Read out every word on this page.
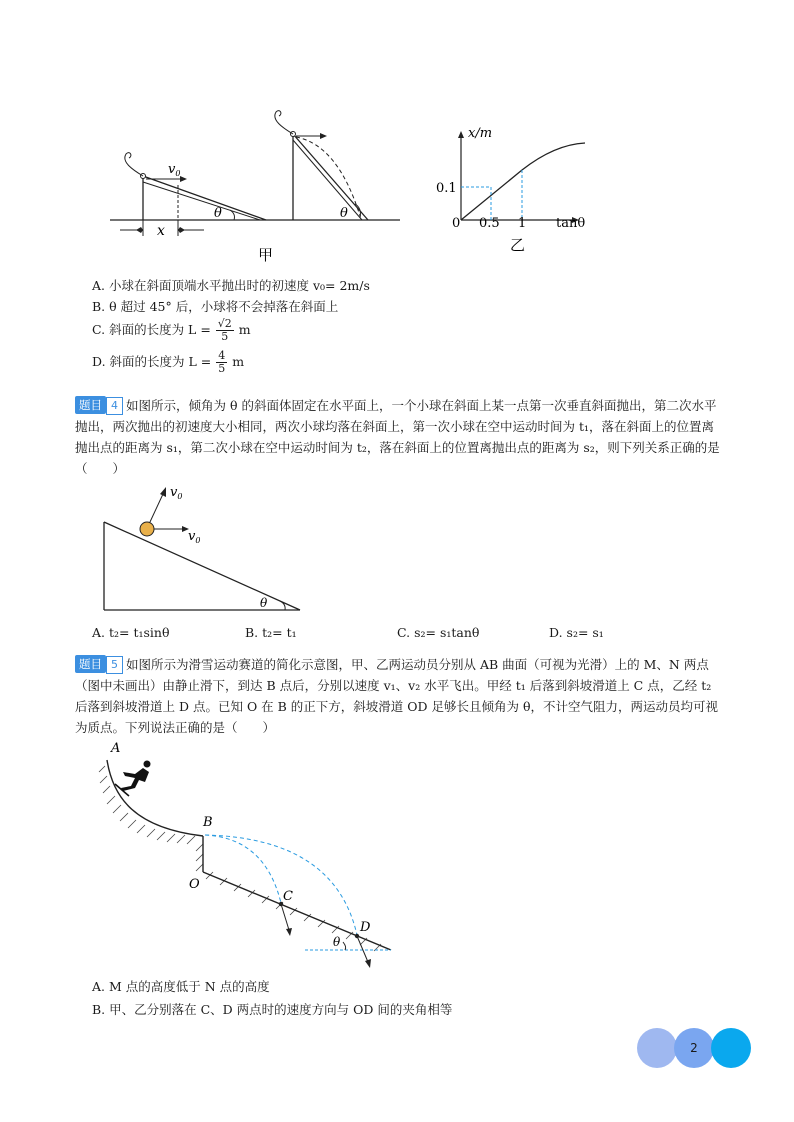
x
$v_0$
θ	θ
甲
x/m
tanθ
0.1
0 0.5 1
乙
A. 小球在斜面顶端水平抛出时的初速度 v₀= 2m/s
B. θ 超过 45° 后，小球将不会掉落在斜面上
C. 斜面的长度为 $L = \frac{√2}{5}$ m
D. 斜面的长度为 $L = \frac{4}{5}$ m
题目 4 如图所示，倾角为 θ 的斜面体固定在水平面上，一个小球在斜面上某一点第一次垂直斜面抛出，第二次水平抛出，两次抛出的初速度大小相同，两次小球均落在斜面上，第一次小球在空中运动时间为 t₁，落在斜面上的位置离抛出点的距离为 s₁，第二次小球在空中运动时间为 t₂，落在斜面上的位置离抛出点的距离为 s₂，则下列关系正确的是（　　）
θ
$v_0$
$v_0$
A. t₂= t₁sinθ	B. t₂= t₁	C. s₂= s₁tanθ	D. s₂= s₁
题目 5 如图所示为滑雪运动赛道的简化示意图，甲、乙两运动员分别从 AB 曲面（可视为光滑）上的 M、N 两点（图中未画出）由静止滑下，到达 B 点后，分别以速度 v₁、v₂ 水平飞出。甲经 t₁ 后落到斜坡滑道上 C 点，乙经 t₂ 后落到斜坡滑道上 D 点。已知 O 在 B 的正下方，斜坡滑道 OD 足够长且倾角为 θ，不计空气阻力，两运动员均可视为质点。下列说法正确的是（　　）
A
B
O
C
D
θ
A. M 点的高度低于 N 点的高度
B. 甲、乙分别落在 C、D 两点时的速度方向与 OD 间的夹角相等
2
